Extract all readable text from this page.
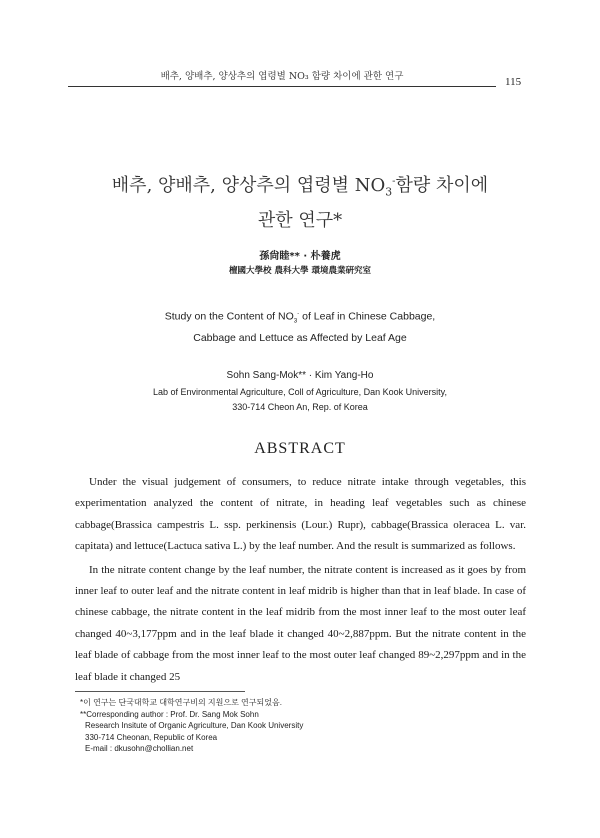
배추, 양배추, 양상추의 엽령별 NO₃ 함량 차이에 관한 연구	115
배추, 양배추, 양상추의 엽령별 $NO_3^-$함량 차이에
관한 연구*
孫尙睦** · 朴養虎
檀國大學校 農科大學 環境農業硏究室
Study on the Content of $NO_3^-$ of Leaf in Chinese Cabbage,
Cabbage and Lettuce as Affected by Leaf Age
Sohn Sang-Mok** · Kim Yang-Ho
Lab of Environmental Agriculture, Coll of Agriculture, Dan Kook University,
330-714 Cheon An, Rep. of Korea
ABSTRACT

Under the visual judgement of consumers, to reduce nitrate intake through vegetables, this experimentation analyzed the content of nitrate, in heading leaf vegetables such as chinese cabbage(Brassica campestris L. ssp. perkinensis (Lour.) Rupr), cabbage(Brassica oleracea L. var. capitata) and lettuce(Lactuca sativa L.) by the leaf number. And the result is summarized as follows.

In the nitrate content change by the leaf number, the nitrate content is increased as it goes by from inner leaf to outer leaf and the nitrate content in leaf midrib is higher than that in leaf blade. In case of chinese cabbage, the nitrate content in the leaf midrib from the most inner leaf to the most outer leaf changed 40~3,177ppm and in the leaf blade it changed 40~2,887ppm. But the nitrate content in the leaf blade of cabbage from the most inner leaf to the most outer leaf changed 89~2,297ppm and in the leaf blade it changed 25

*이 연구는 단국대학교 대학연구비의 지원으로 연구되었음.
**Corresponding author : Prof. Dr. Sang Mok Sohn
Research Insitute of Organic Agriculture, Dan Kook University
330-714 Cheonan, Republic of Korea
E-mail : dkusohn@chollian.net
